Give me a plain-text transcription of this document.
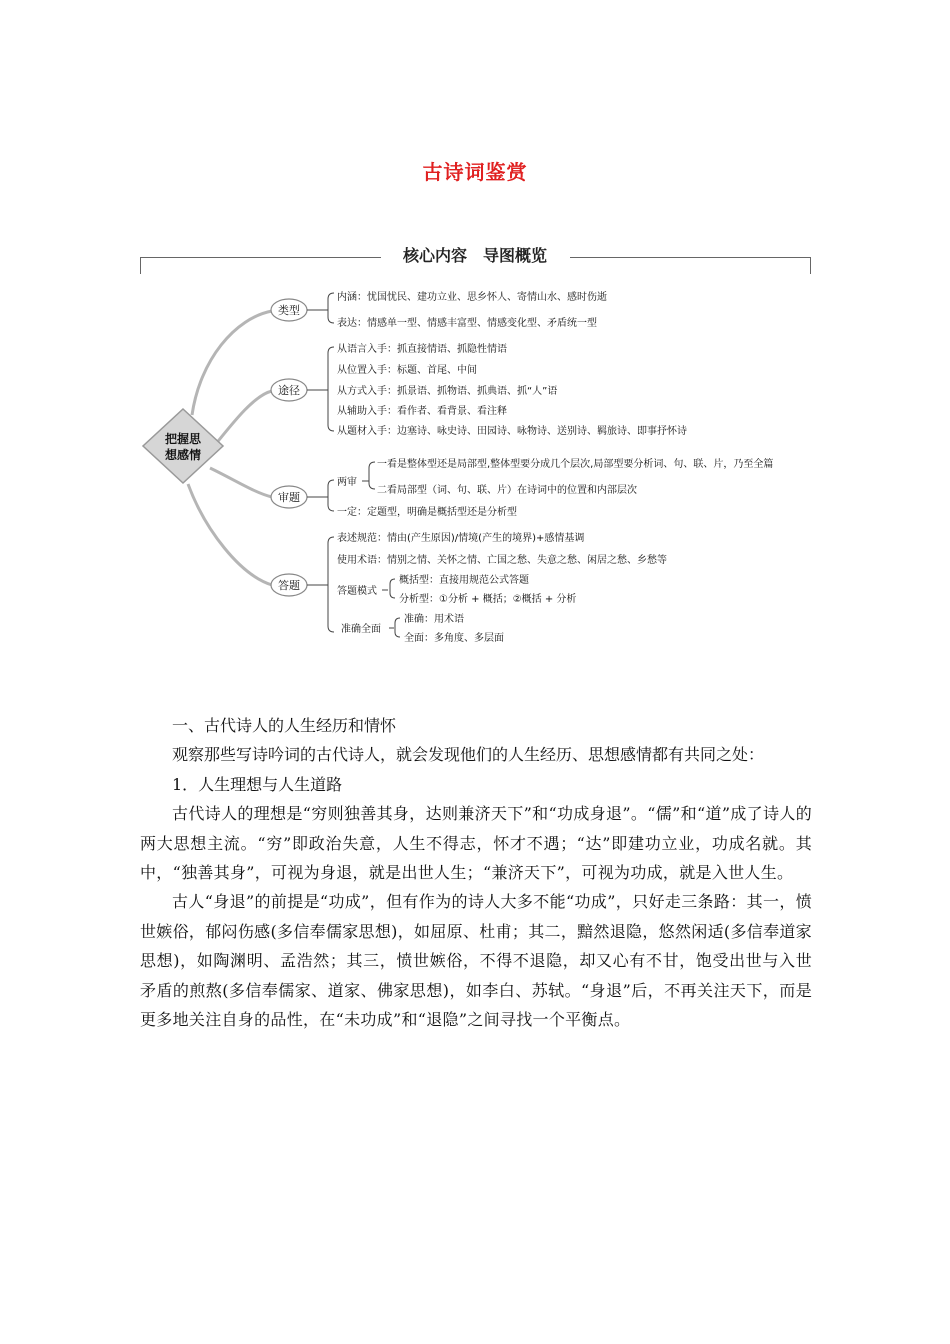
古诗词鉴赏
核心内容　导图概览
把握思
想感情
类型
途径
审题
答题
内涵：忧国忧民、建功立业、思乡怀人、寄情山水、感时伤逝
表达：情感单一型、情感丰富型、情感变化型、矛盾统一型
从语言入手：抓直接情语、抓隐性情语
从位置入手：标题、首尾、中间
从方式入手：抓景语、抓物语、抓典语、抓“人”语
从辅助入手：看作者、看背景、看注释
从题材入手：边塞诗、咏史诗、田园诗、咏物诗、送别诗、羁旅诗、即事抒怀诗
两审
一看是整体型还是局部型,整体型要分成几个层次,局部型要分析词、句、联、片，乃至全篇
二看局部型（词、句、联、片）在诗词中的位置和内部层次
一定：定题型，明确是概括型还是分析型
表述规范：情由(产生原因)/情境(产生的境界)+感情基调
使用术语：情别之情、关怀之情、亡国之愁、失意之愁、闲居之愁、乡愁等
答题模式
概括型：直接用规范公式答题
分析型：①分析 + 概括；②概括 + 分析
准确全面
准确：用术语
全面：多角度、多层面

一、古代诗人的人生经历和情怀

观察那些写诗吟词的古代诗人，就会发现他们的人生经历、思想感情都有共同之处：

1．人生理想与人生道路

古代诗人的理想是“穷则独善其身，达则兼济天下”和“功成身退”。“儒”和“道”成了诗人的两大思想主流。“穷”即政治失意，人生不得志，怀才不遇；“达”即建功立业，功成名就。其中，“独善其身”，可视为身退，就是出世人生；“兼济天下”，可视为功成，就是入世人生。

古人“身退”的前提是“功成”，但有作为的诗人大多不能“功成”，只好走三条路：其一，愤世嫉俗，郁闷伤感(多信奉儒家思想)，如屈原、杜甫；其二，黯然退隐，悠然闲适(多信奉道家思想)，如陶渊明、孟浩然；其三，愤世嫉俗，不得不退隐，却又心有不甘，饱受出世与入世矛盾的煎熬(多信奉儒家、道家、佛家思想)，如李白、苏轼。“身退”后，不再关注天下，而是更多地关注自身的品性，在“未功成”和“退隐”之间寻找一个平衡点。
